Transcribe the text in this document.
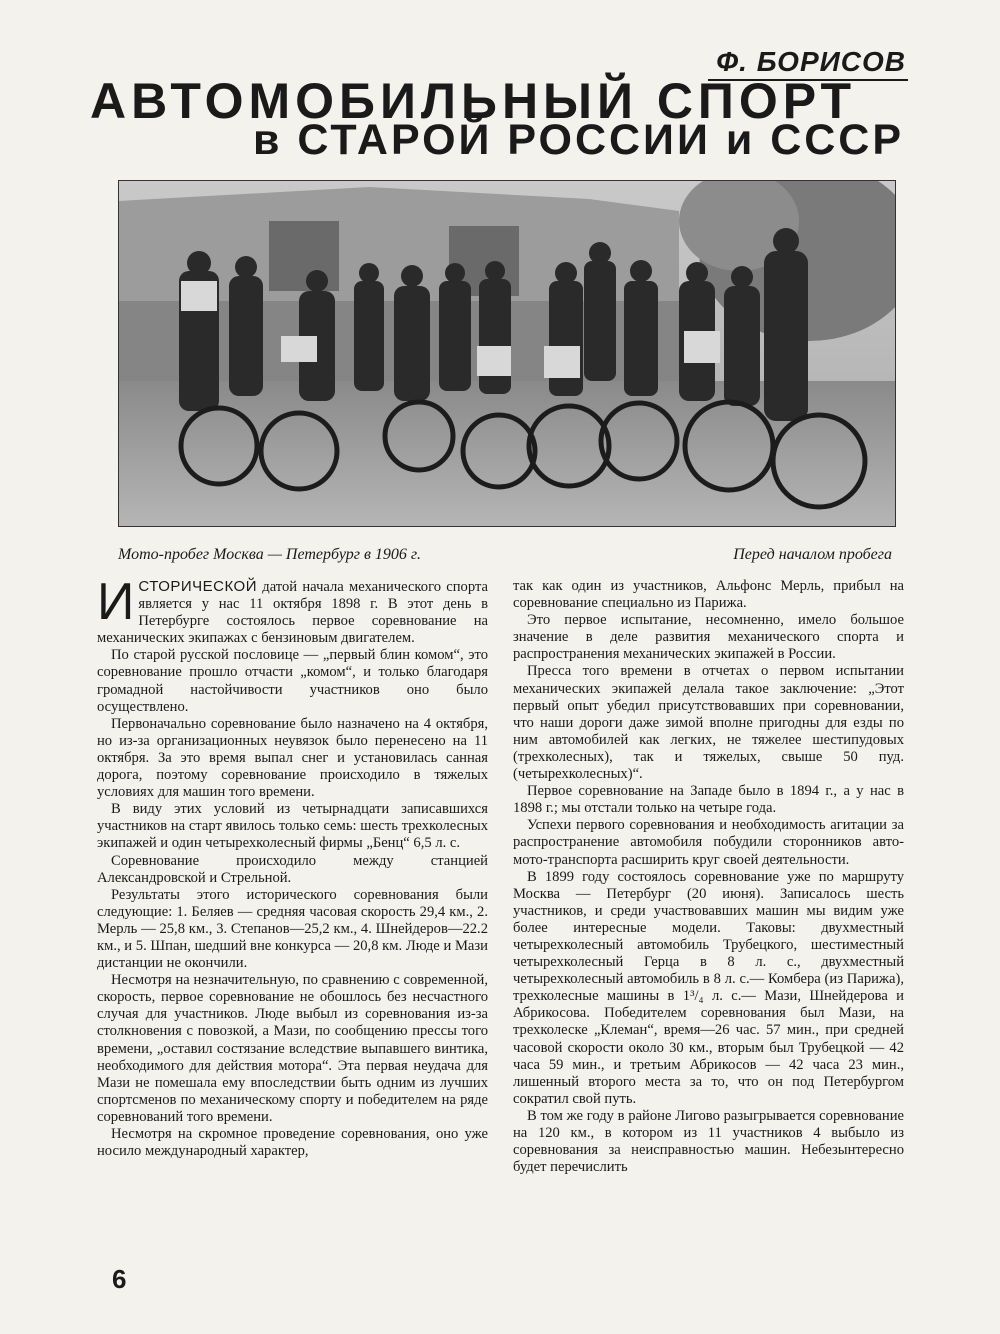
Ф. БОРИСОВ
АВТОМОБИЛЬНЫЙ СПОРТ
в СТАРОЙ РОССИИ и СССР
Мото-пробег Москва — Петербург в 1906 г.	Перед началом пробега

ИСТОРИЧЕСКОЙ датой начала механического спорта является у нас 11 октября 1898 г. В этот день в Петербурге состоялось первое соревнование на механических экипажах с бензиновым двигателем.

По старой русской пословице — „первый блин комом“, это соревнование прошло отчасти „комом“, и только благодаря громадной настойчивости участников оно было осуществлено.

Первоначально соревнование было назначено на 4 октября, но из-за организационных неувязок было перенесено на 11 октября. За это время выпал снег и установилась санная дорога, поэтому соревнование происходило в тяжелых условиях для машин того времени.

В виду этих условий из четырнадцати записавшихся участников на старт явилось только семь: шесть трехколесных экипажей и один четырехколесный фирмы „Бенц“ 6,5 л. с.

Соревнование происходило между станцией Александровской и Стрельной.

Результаты этого исторического соревнования были следующие: 1. Беляев — средняя часовая скорость 29,4 км., 2. Мерль — 25,8 км., 3. Степанов—25,2 км., 4. Шнейдеров—22.2 км., и 5. Шпан, шедший вне конкурса — 20,8 км. Люде и Мази дистанции не окончили.

Несмотря на незначительную, по сравнению с современной, скорость, первое соревнование не обошлось без несчастного случая для участников. Люде выбыл из соревнования из-за столкновения с повозкой, а Мази, по сообщению прессы того времени, „оставил состязание вследствие выпавшего винтика, необходимого для действия мотора“. Эта первая неудача для Мази не помешала ему впоследствии быть одним из лучших спортсменов по механическому спорту и победителем на ряде соревнований того времени.

Несмотря на скромное проведение соревнования, оно уже носило международный характер,

так как один из участников, Альфонс Мерль, прибыл на соревнование специально из Парижа.

Это первое испытание, несомненно, имело большое значение в деле развития механического спорта и распространения механических экипажей в России.

Пресса того времени в отчетах о первом испытании механических экипажей делала такое заключение: „Этот первый опыт убедил присутствовавших при соревновании, что наши дороги даже зимой вполне пригодны для езды по ним автомобилей как легких, не тяжелее шестипудовых (трехколесных), так и тяжелых, свыше 50 пуд. (четырехколесных)“.

Первое соревнование на Западе было в 1894 г., а у нас в 1898 г.; мы отстали только на четыре года.

Успехи первого соревнования и необходимость агитации за распространение автомобиля побудили сторонников авто-мото-транспорта расширить круг своей деятельности.

В 1899 году состоялось соревнование уже по маршруту Москва — Петербург (20 июня). Записалось шесть участников, и среди участвовавших машин мы видим уже более интересные модели. Таковы: двухместный четырехколесный автомобиль Трубецкого, шестиместный четырехколесный Герца в 8 л. с., двухместный четырехколесный автомобиль в 8 л. с.— Комбера (из Парижа), трехколесные машины в 1³/₄ л. с.— Мази, Шнейдерова и Абрикосова. Победителем соревнования был Мази, на трехколеске „Клеман“, время—26 час. 57 мин., при средней часовой скорости около 30 км., вторым был Трубецкой — 42 часа 59 мин., и третьим Абрикосов — 42 часа 23 мин., лишенный второго места за то, что он под Петербургом сократил свой путь.

В том же году в районе Лигово разыгрывается соревнование на 120 км., в котором из 11 участников 4 выбыло из соревнования за неисправностью машин. Небезынтересно будет перечислить

6
